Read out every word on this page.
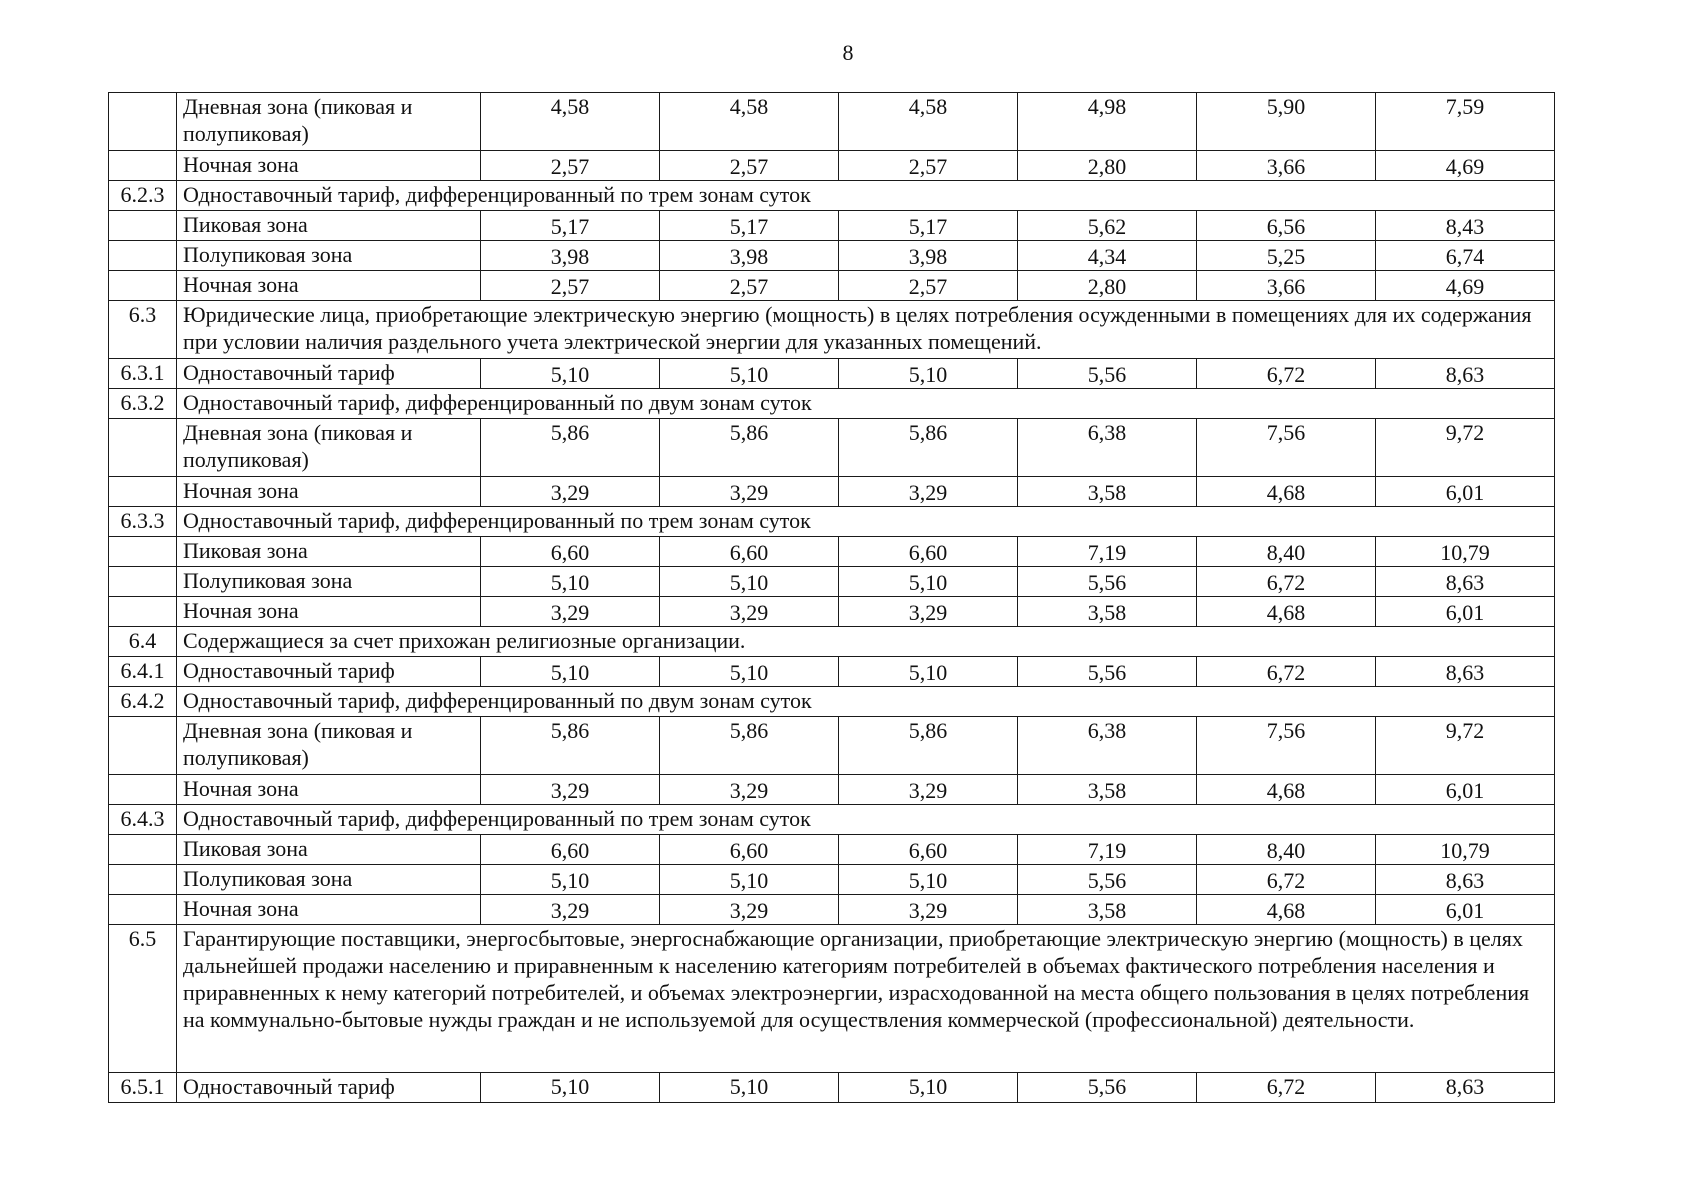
8
	Дневная зона (пиковая и полупиковая)	4,58	4,58	4,58	4,98	5,90	7,59
	Ночная зона	2,57	2,57	2,57	2,80	3,66	4,69
6.2.3	Одноставочный тариф, дифференцированный по трем зонам суток						
	Пиковая зона	5,17	5,17	5,17	5,62	6,56	8,43
	Полупиковая зона	3,98	3,98	3,98	4,34	5,25	6,74
	Ночная зона	2,57	2,57	2,57	2,80	3,66	4,69
6.3	Юридические лица, приобретающие электрическую энергию (мощность) в целях потребления осужденными в помещениях для их содержания при условии наличия раздельного учета электрической энергии для указанных помещений.						
6.3.1	Одноставочный тариф	5,10	5,10	5,10	5,56	6,72	8,63
6.3.2	Одноставочный тариф, дифференцированный по двум зонам суток						
	Дневная зона (пиковая и полупиковая)	5,86	5,86	5,86	6,38	7,56	9,72
	Ночная зона	3,29	3,29	3,29	3,58	4,68	6,01
6.3.3	Одноставочный тариф, дифференцированный по трем зонам суток						
	Пиковая зона	6,60	6,60	6,60	7,19	8,40	10,79
	Полупиковая зона	5,10	5,10	5,10	5,56	6,72	8,63
	Ночная зона	3,29	3,29	3,29	3,58	4,68	6,01
6.4	Содержащиеся за счет прихожан религиозные организации.						
6.4.1	Одноставочный тариф	5,10	5,10	5,10	5,56	6,72	8,63
6.4.2	Одноставочный тариф, дифференцированный по двум зонам суток						
	Дневная зона (пиковая и полупиковая)	5,86	5,86	5,86	6,38	7,56	9,72
	Ночная зона	3,29	3,29	3,29	3,58	4,68	6,01
6.4.3	Одноставочный тариф, дифференцированный по трем зонам суток						
	Пиковая зона	6,60	6,60	6,60	7,19	8,40	10,79
	Полупиковая зона	5,10	5,10	5,10	5,56	6,72	8,63
	Ночная зона	3,29	3,29	3,29	3,58	4,68	6,01
6.5	Гарантирующие поставщики, энергосбытовые, энергоснабжающие организации, приобретающие электрическую энергию (мощность) в целях дальнейшей продажи населению и приравненным к населению категориям потребителей в объемах фактического потребления населения и приравненных к нему категорий потребителей, и объемах электроэнергии, израсходованной на места общего пользования в целях потребления на коммунально-бытовые нужды граждан и не используемой для осуществления коммерческой (профессиональной) деятельности.						
6.5.1	Одноставочный тариф	5,10	5,10	5,10	5,56	6,72	8,63
